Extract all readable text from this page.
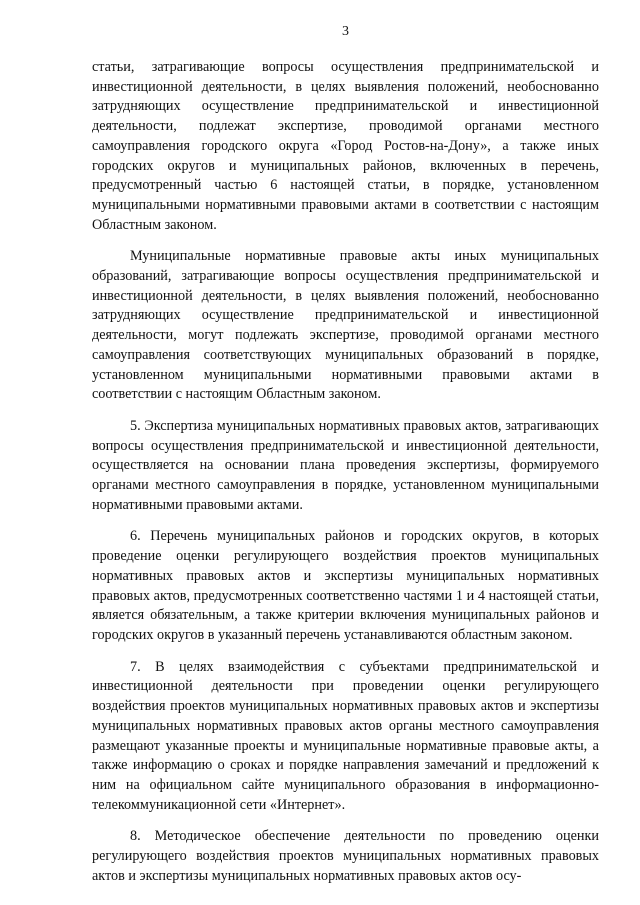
3

статьи, затрагивающие вопросы осуществления предпринимательской и инвестиционной деятельности, в целях выявления положений, необоснованно затрудняющих осуществление предпринимательской и инвестиционной деятельности, подлежат экспертизе, проводимой органами местного самоуправления городского округа «Город Ростов-на-Дону», а также иных городских округов и муниципальных районов, включенных в перечень, предусмотренный частью 6 настоящей статьи, в порядке, установленном муниципальными нормативными правовыми актами в соответствии с настоящим Областным законом.

Муниципальные нормативные правовые акты иных муниципальных образований, затрагивающие вопросы осуществления предпринимательской и инвестиционной деятельности, в целях выявления положений, необоснованно затрудняющих осуществление предпринимательской и инвестиционной деятельности, могут подлежать экспертизе, проводимой органами местного самоуправления соответствующих муниципальных образований в порядке, установленном муниципальными нормативными правовыми актами в соответствии с настоящим Областным законом.

5. Экспертиза муниципальных нормативных правовых актов, затрагивающих вопросы осуществления предпринимательской и инвестиционной деятельности, осуществляется на основании плана проведения экспертизы, формируемого органами местного самоуправления в порядке, установленном муниципальными нормативными правовыми актами.

6. Перечень муниципальных районов и городских округов, в которых проведение оценки регулирующего воздействия проектов муниципальных нормативных правовых актов и экспертизы муниципальных нормативных правовых актов, предусмотренных соответственно частями 1 и 4 настоящей статьи, является обязательным, а также критерии включения муниципальных районов и городских округов в указанный перечень устанавливаются областным законом.

7. В целях взаимодействия с субъектами предпринимательской и инвестиционной деятельности при проведении оценки регулирующего воздействия проектов муниципальных нормативных правовых актов и экспертизы муниципальных нормативных правовых актов органы местного самоуправления размещают указанные проекты и муниципальные нормативные правовые акты, а также информацию о сроках и порядке направления замечаний и предложений к ним на официальном сайте муниципального образования в информационно-телекоммуникационной сети «Интернет».

8. Методическое обеспечение деятельности по проведению оценки регулирующего воздействия проектов муниципальных нормативных правовых актов и экспертизы муниципальных нормативных правовых актов осу-
